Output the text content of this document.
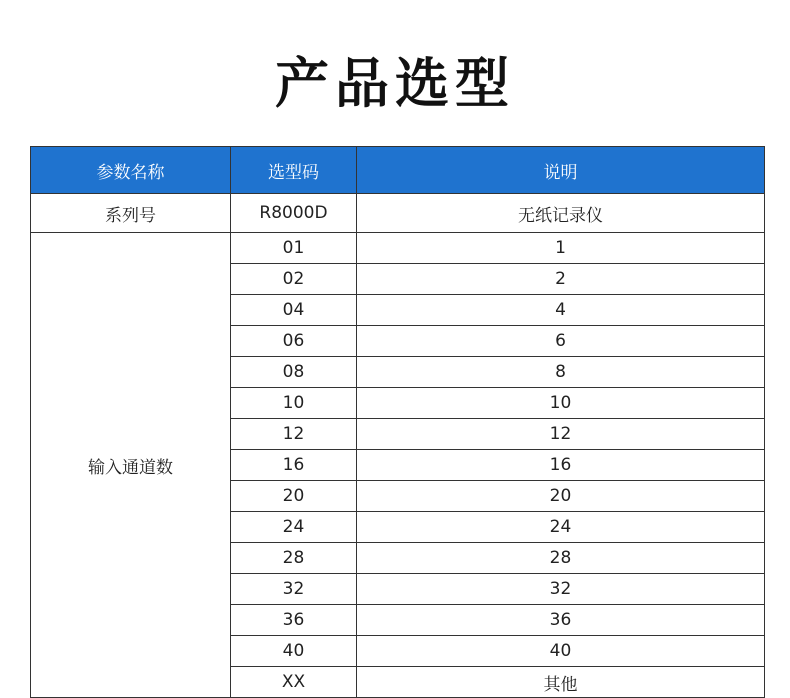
产品选型
参数名称	选型码	说明
系列号	R8000D	无纸记录仪
输入通道数	01	1
	02	2
	04	4
	06	6
	08	8
	10	10
	12	12
	16	16
	20	20
	24	24
	28	28
	32	32
	36	36
	40	40
	XX	其他
